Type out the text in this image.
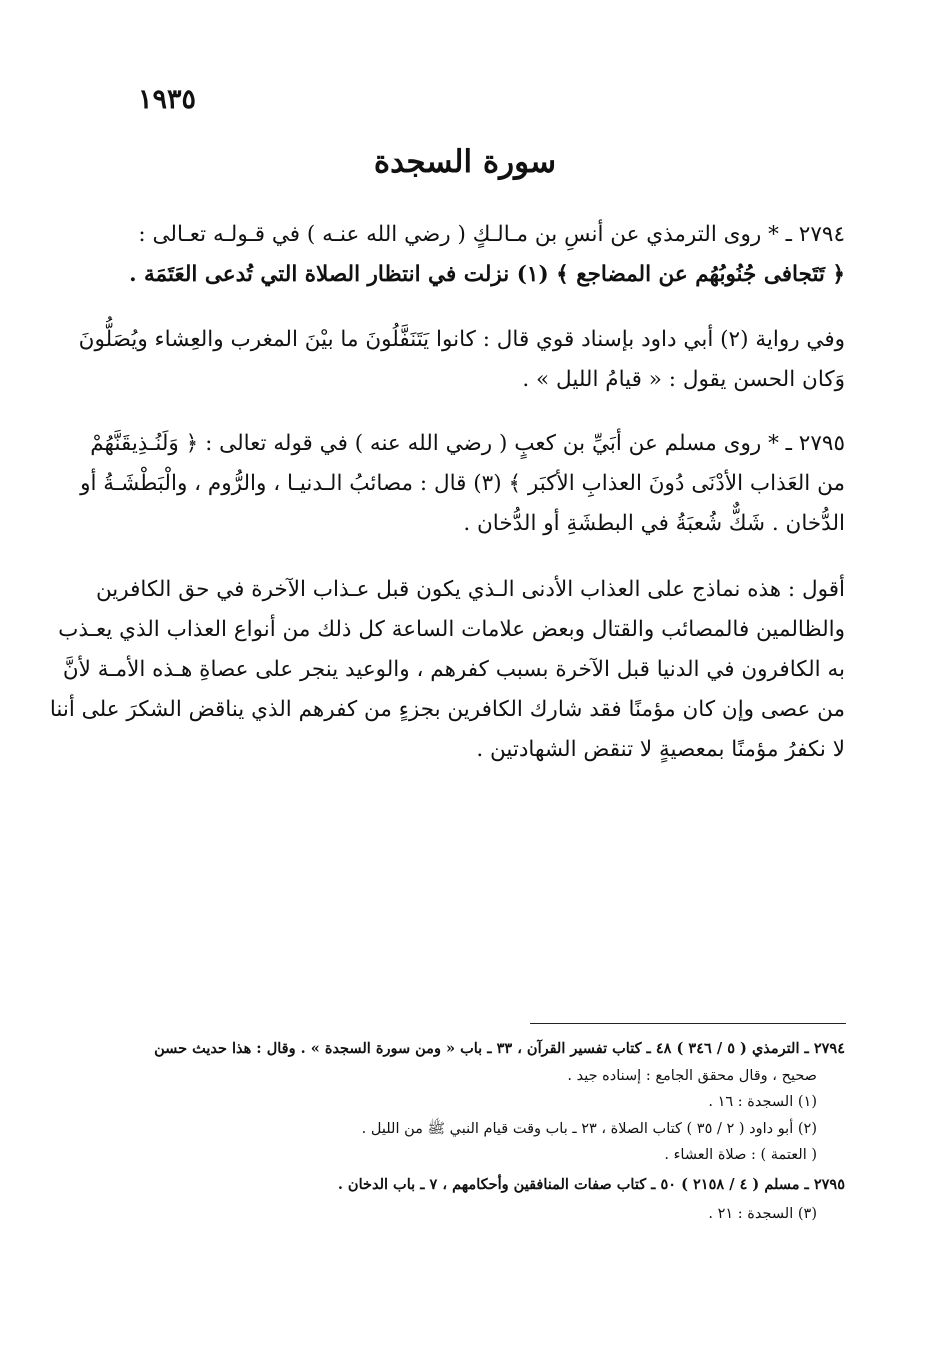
١٩٣٥
سورة السجدة
٢٧٩٤ ـ * روى الترمذي عن أنسِ بن مـالـكٍ ( رضي الله عنـه ) في قـولـه تعـالى :
﴿ تَتَجافى جُنُوبُهُم عن المضاجع ﴾ (١) نزلت في انتظار الصلاة التي تُدعى العَتَمَة .
وفي رواية (٢) أبي داود بإسناد قوي قال : كانوا يَتَنَفَّلُونَ ما بيْنَ المغرب والعِشاء ويُصَلُّونَ
وَكان الحسن يقول : « قيامُ الليل » .
٢٧٩٥ ـ * روى مسلم عن أبَيِّ بن كعبٍ ( رضي الله عنه ) في قوله تعالى : ﴿ وَلَنُـذِيقَنَّهُمْ
من العَذاب الأدْنَى دُونَ العذابِ الأكبَر ﴾ (٣) قال : مصائبُ الـدنيـا ، والرُّوم ، والْبَطْشَـةُ أو
الدُّخان . شَكٌّ شُعبَةُ في البطشَةِ أو الدُّخان .
أقول : هذه نماذج على العذاب الأدنى الـذي يكون قبل عـذاب الآخرة في حق الكافرين
والظالمين فالمصائب والقتال وبعض علامات الساعة كل ذلك من أنواع العذاب الذي يعـذب
به الكافرون في الدنيا قبل الآخرة بسبب كفرهم ، والوعيد ينجر على عصاةِ هـذه الأمـة لأنَّ
من عصى وإن كان مؤمنًا فقد شارك الكافرين بجزءٍ من كفرهم الذي يناقض الشكرَ على أننا
لا نكفرُ مؤمنًا بمعصيةٍ لا تنقض الشهادتين .
٢٧٩٤ ـ الترمذي ( ٥ / ٣٤٦ ) ٤٨ ـ كتاب تفسير القرآن ، ٣٣ ـ باب « ومن سورة السجدة » . وقال : هذا حديث حسن
صحيح ، وقال محقق الجامع : إسناده جيد .
(١) السجدة : ١٦ .
(٢) أبو داود ( ٢ / ٣٥ ) كتاب الصلاة ، ٢٣ ـ باب وقت قيام النبي ﷺ من الليل .
( العتمة ) : صلاة العشاء .
٢٧٩٥ ـ مسلم ( ٤ / ٢١٥٨ ) ٥٠ ـ كتاب صفات المنافقين وأحكامهم ، ٧ ـ باب الدخان .
(٣) السجدة : ٢١ .
